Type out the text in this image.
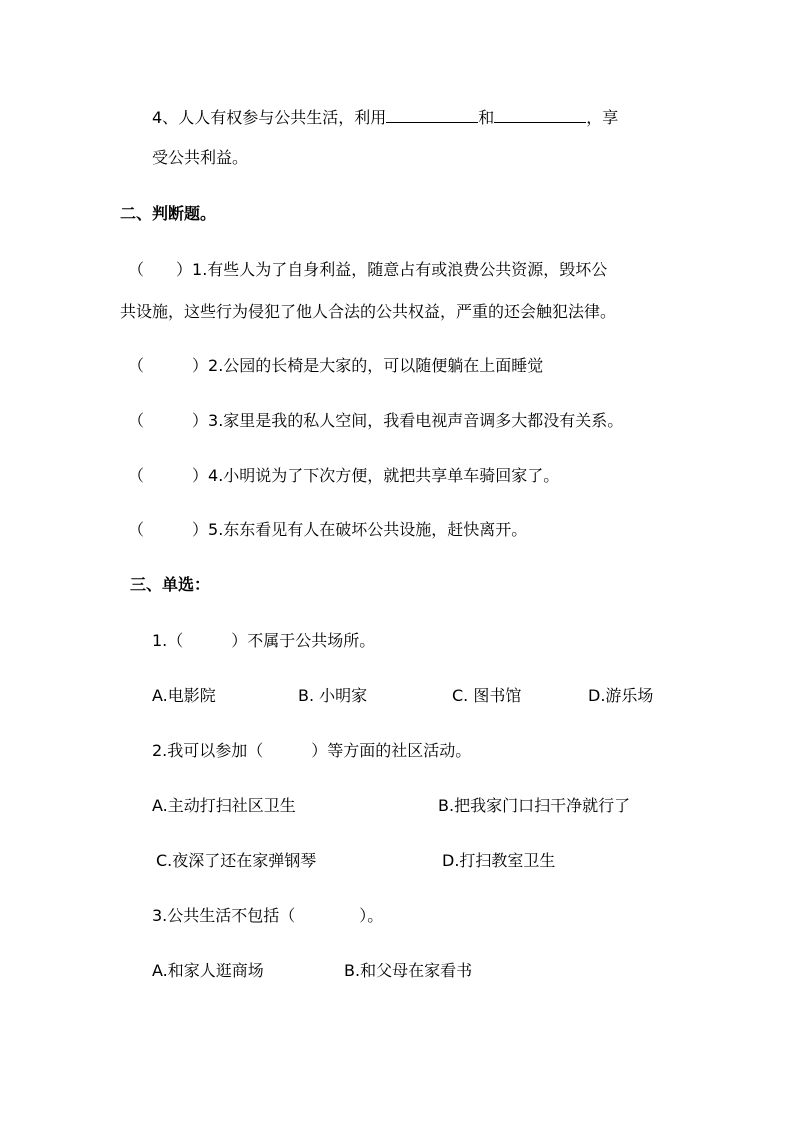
4、人人有权参与公共生活，利用	和	，享
受公共利益。
二、判断题。
（　　）1.有些人为了自身利益，随意占有或浪费公共资源，毁坏公
共设施，这些行为侵犯了他人合法的公共权益，严重的还会触犯法律。
（　　　）2.公园的长椅是大家的，可以随便躺在上面睡觉
（　　　）3.家里是我的私人空间，我看电视声音调多大都没有关系。
（　　　）4.小明说为了下次方便，就把共享单车骑回家了。
（　　　）5.东东看见有人在破坏公共设施，赶快离开。
三、单选：
1.（　　　）不属于公共场所。
A.电影院	B. 小明家	C. 图书馆	D.游乐场
2.我可以参加（　　　）等方面的社区活动。
A.主动打扫社区卫生	B.把我家门口扫干净就行了
C.夜深了还在家弹钢琴	D.打扫教室卫生
3.公共生活不包括（　　　　）。
A.和家人逛商场	B.和父母在家看书
